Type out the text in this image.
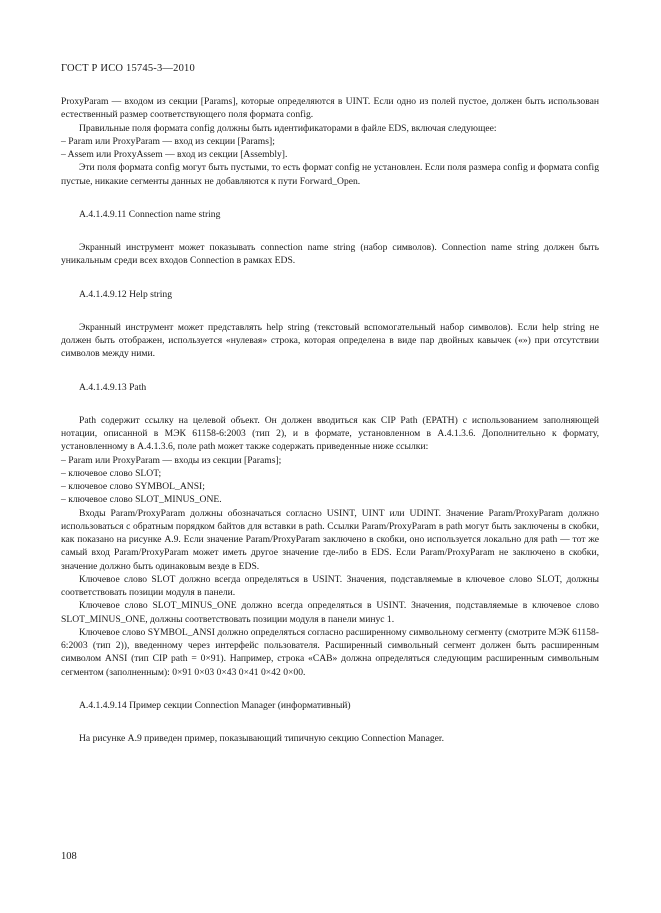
ГОСТ Р ИСО 15745-3—2010

ProxyParam — входом из секции [Params], которые определяются в UINT. Если одно из полей пустое, должен быть использован естественный размер соответствующего поля формата config.

Правильные поля формата config должны быть идентификаторами в файле EDS, включая следующее:

– Param или ProxyParam — вход из секции [Params];

– Assem или ProxyAssem — вход из секции [Assembly].

Эти поля формата config могут быть пустыми, то есть формат config не установлен. Если поля размера config и формата config пустые, никакие сегменты данных не добавляются к пути Forward_Open.

A.4.1.4.9.11 Connection name string

Экранный инструмент может показывать connection name string (набор символов). Connection name string должен быть уникальным среди всех входов Connection в рамках EDS.

A.4.1.4.9.12 Help string

Экранный инструмент может представлять help string (текстовый вспомогательный набор символов). Если help string не должен быть отображен, используется «нулевая» строка, которая определена в виде пар двойных кавычек («») при отсутствии символов между ними.

A.4.1.4.9.13 Path

Path содержит ссылку на целевой объект. Он должен вводиться как CIP Path (EPATH) с использованием заполняющей нотации, описанной в МЭК 61158-6:2003 (тип 2), и в формате, установленном в А.4.1.3.6. Дополнительно к формату, установленному в А.4.1.3.6, поле path может также содержать приведенные ниже ссылки:

– Param или ProxyParam — входы из секции [Params];

– ключевое слово SLOT;

– ключевое слово SYMBOL_ANSI;

– ключевое слово SLOT_MINUS_ONE.

Входы Param/ProxyParam должны обозначаться согласно USINT, UINT или UDINT. Значение Param/ProxyParam должно использоваться с обратным порядком байтов для вставки в path. Ссылки Param/ProxyParam в path могут быть заключены в скобки, как показано на рисунке А.9. Если значение Param/ProxyParam заключено в скобки, оно используется локально для path — тот же самый вход Param/ProxyParam может иметь другое значение где-либо в EDS. Если Param/ProxyParam не заключено в скобки, значение должно быть одинаковым везде в EDS.

Ключевое слово SLOT должно всегда определяться в USINT. Значения, подставляемые в ключевое слово SLOT, должны соответствовать позиции модуля в панели.

Ключевое слово SLOT_MINUS_ONE должно всегда определяться в USINT. Значения, подставляемые в ключевое слово SLOT_MINUS_ONE, должны соответствовать позиции модуля в панели минус 1.

Ключевое слово SYMBOL_ANSI должно определяться согласно расширенному символьному сегменту (смотрите МЭК 61158-6:2003 (тип 2)), введенному через интерфейс пользователя. Расширенный символьный сегмент должен быть расширенным символом ANSI (тип CIP path = 0×91). Например, строка «CAB» должна определяться следующим расширенным символьным сегментом (заполненным): 0×91 0×03 0×43 0×41 0×42 0×00.

A.4.1.4.9.14 Пример секции Connection Manager (информативный)

На рисунке А.9 приведен пример, показывающий типичную секцию Connection Manager.

108
